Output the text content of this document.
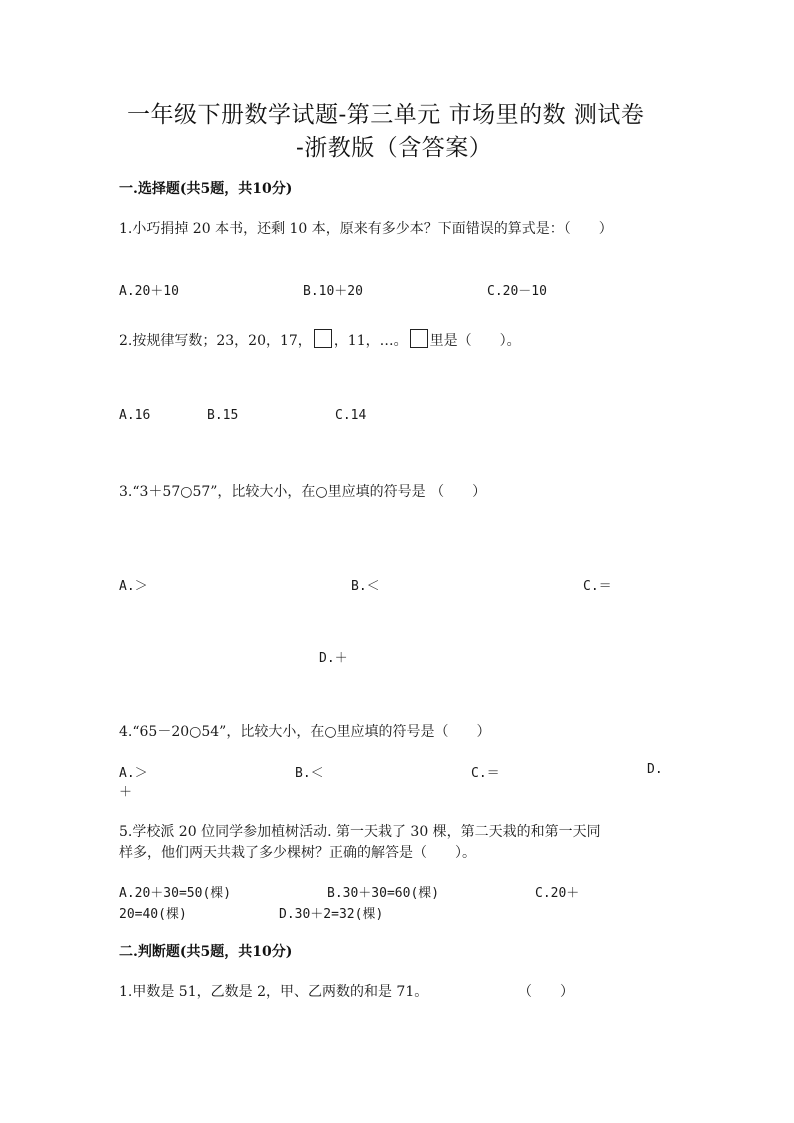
一年级下册数学试题-第三单元 市场里的数 测试卷
-浙教版（含答案）
一.选择题(共5题，共10分)
1.小巧捐掉 20 本书，还剩 10 本，原来有多少本？下面错误的算式是：（　　）
A.20＋10	B.10＋20	C.20－10
2.按规律写数；23，20，17， ，11，…。 里是（　　）。
A.16	B.15	C.14
3.“3＋57○57”，比较大小，在○里应填的符号是 （　　）
A.＞	B.＜	C.＝
D.＋
4.“65－20○54”，比较大小，在○里应填的符号是（　　）
A.＞	B.＜	C.＝	D.
＋
5.学校派 20 位同学参加植树活动. 第一天栽了 30 棵，第二天栽的和第一天同
样多，他们两天共栽了多少棵树？正确的解答是（　　）。
A.20＋30=50(棵)	B.30＋30=60(棵)	C.20＋
20=40(棵)	D.30＋2=32(棵)
二.判断题(共5题，共10分)
1.甲数是 51，乙数是 2，甲、乙两数的和是 71。	（　　）
